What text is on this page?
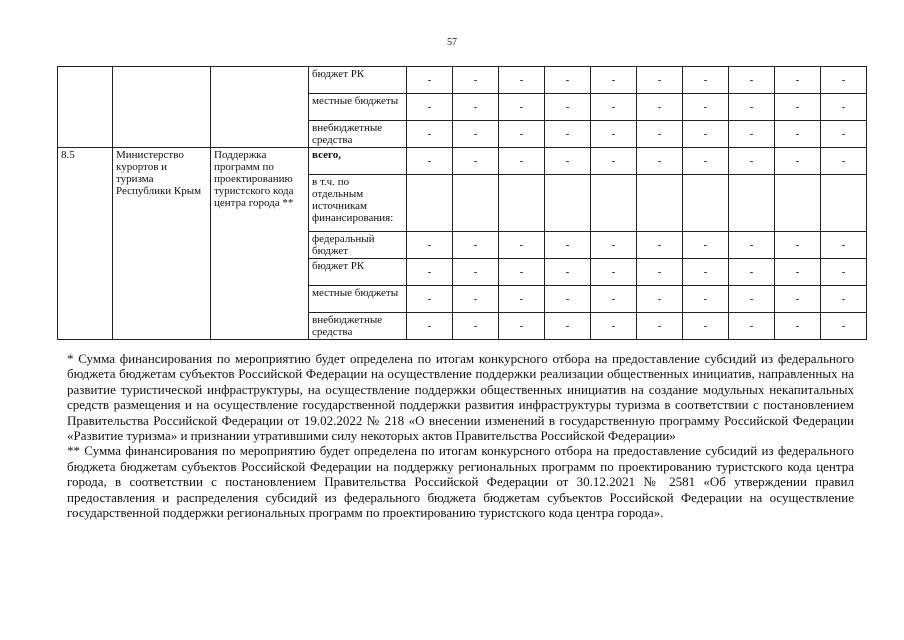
57
			бюджет РК	-	-	-	-	-	-	-	-	-	-
			местные бюджеты	-	-	-	-	-	-	-	-	-	-
			внебюджетные средства	-	-	-	-	-	-	-	-	-	-
8.5	Министерство курортов и туризма Республики Крым	Поддержка программ по проектированию туристского кода центра города **	всего,	-	-	-	-	-	-	-	-	-	-
			в т.ч. по отдельным источникам финансирования:										
			федеральный бюджет	-	-	-	-	-	-	-	-	-	-
			бюджет РК	-	-	-	-	-	-	-	-	-	-
			местные бюджеты	-	-	-	-	-	-	-	-	-	-
			внебюджетные средства	-	-	-	-	-	-	-	-	-	-

* Сумма финансирования по мероприятию будет определена по итогам конкурсного отбора на предоставление субсидий из федерального бюджета бюджетам субъектов Российской Федерации на осуществление поддержки реализации общественных инициатив, направленных на развитие туристической инфраструктуры, на осуществление поддержки общественных инициатив на создание модульных некапитальных средств размещения и на осуществление государственной поддержки развития инфраструктуры туризма в соответствии с постановлением Правительства Российской Федерации от 19.02.2022 № 218 «О внесении изменений в государственную программу Российской Федерации «Развитие туризма» и признании утратившими силу некоторых актов Правительства Российской Федерации»

** Сумма финансирования по мероприятию будет определена по итогам конкурсного отбора на предоставление субсидий из федерального бюджета бюджетам субъектов Российской Федерации на поддержку региональных программ по проектированию туристского кода центра города, в соответствии с постановлением Правительства Российской Федерации от 30.12.2021 № 2581 «Об утверждении правил предоставления и распределения субсидий из федерального бюджета бюджетам субъектов Российской Федерации на осуществление государственной поддержки региональных программ по проектированию туристского кода центра города».
